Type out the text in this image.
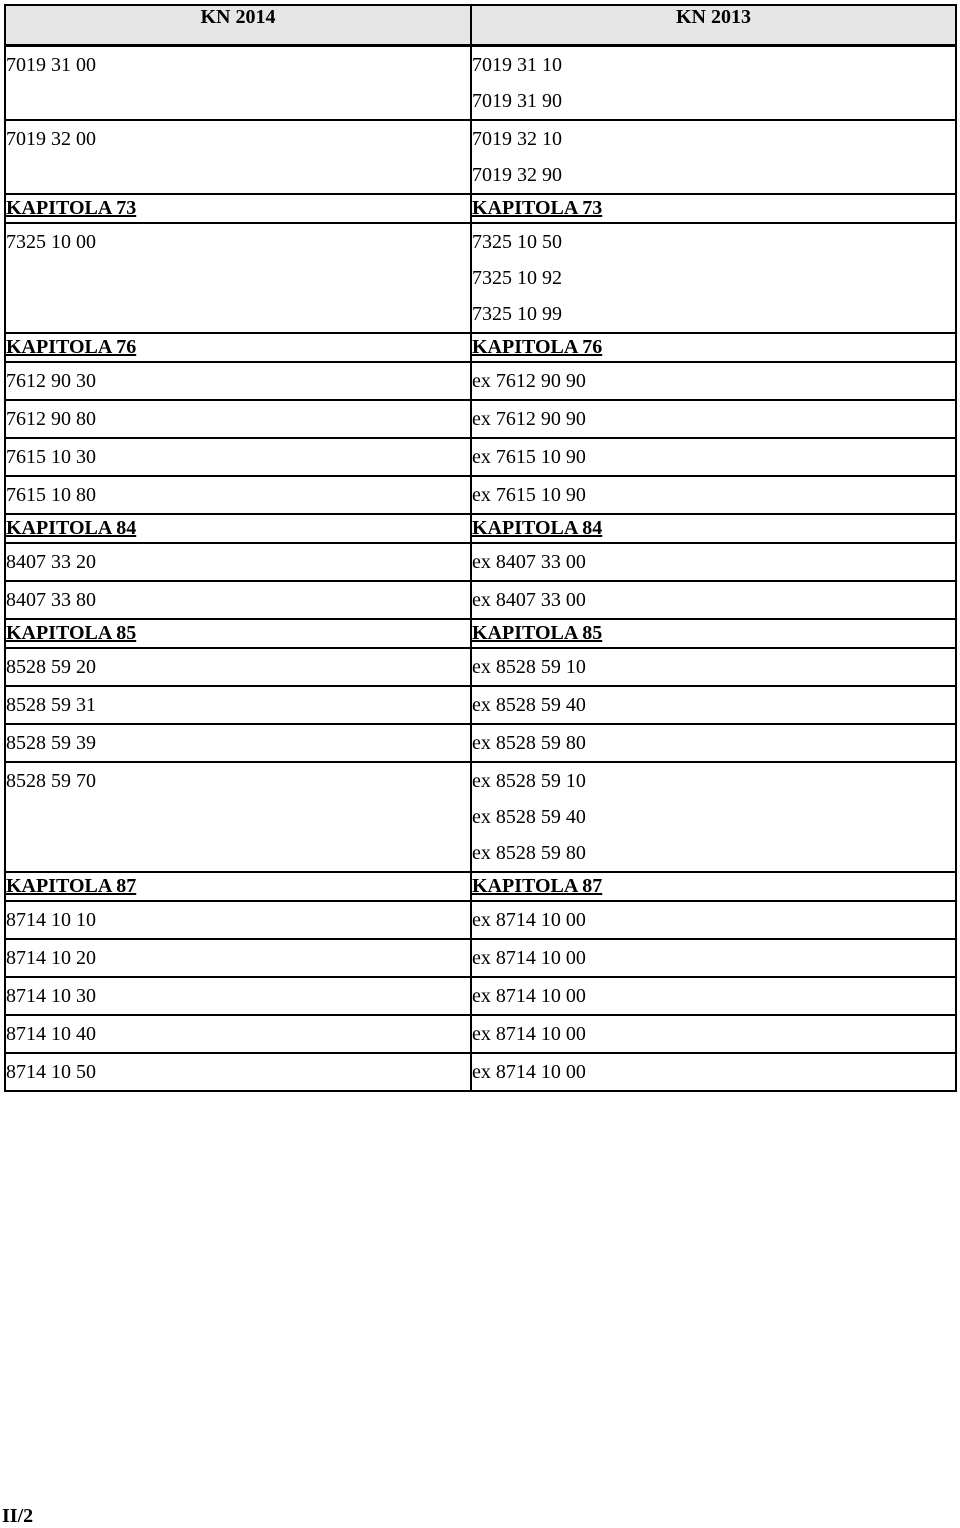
KN 2014	KN 2013

7019 31 00	7019 31 10
7019 31 90

7019 32 00	7019 32 10
7019 32 90

KAPITOLA 73	KAPITOLA 73

7325 10 00	7325 10 50
7325 10 92
7325 10 99

KAPITOLA 76	KAPITOLA 76

7612 90 30	ex 7612 90 90

7612 90 80	ex 7612 90 90

7615 10 30	ex 7615 10 90

7615 10 80	ex 7615 10 90

KAPITOLA 84	KAPITOLA 84

8407 33 20	ex 8407 33 00

8407 33 80	ex 8407 33 00

KAPITOLA 85	KAPITOLA 85

8528 59 20	ex 8528 59 10

8528 59 31	ex 8528 59 40

8528 59 39	ex 8528 59 80

8528 59 70	ex 8528 59 10
ex 8528 59 40
ex 8528 59 80

KAPITOLA 87	KAPITOLA 87

8714 10 10	ex 8714 10 00

8714 10 20	ex 8714 10 00

8714 10 30	ex 8714 10 00

8714 10 40	ex 8714 10 00

8714 10 50	ex 8714 10 00
II/2
